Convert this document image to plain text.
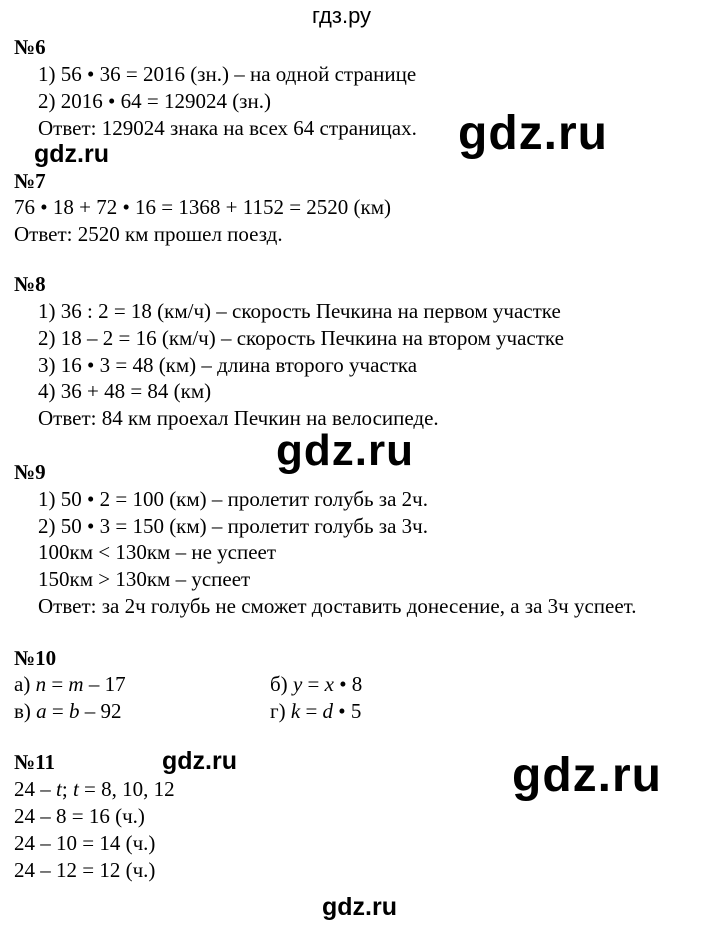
гдз.ру
№6
1) 56 • 36 = 2016 (зн.) – на одной странице
2) 2016 • 64 = 129024 (зн.)
Ответ: 129024 знака на всех 64 страницах.
№7
76 • 18 + 72 • 16 = 1368 + 1152 = 2520 (км)
Ответ: 2520 км прошел поезд.
№8
1) 36 : 2 = 18 (км/ч) – скорость Печкина на первом участке
2) 18 – 2 = 16 (км/ч) – скорость Печкина на втором участке
3) 16 • 3 = 48 (км) – длина второго участка
4) 36 + 48 = 84 (км)
Ответ: 84 км проехал Печкин на велосипеде.
№9
1) 50 • 2 = 100 (км) – пролетит голубь за 2ч.
2) 50 • 3 = 150 (км) – пролетит голубь за 3ч.
100км < 130км – не успеет
150км > 130км – успеет
Ответ: за 2ч голубь не сможет доставить донесение, а за 3ч успеет.
№10
а) n = m – 17	б) y = x • 8
в) a = b – 92	г) k = d • 5
№11
24 – t; t = 8, 10, 12
24 – 8 = 16 (ч.)
24 – 10 = 14 (ч.)
24 – 12 = 12 (ч.)
gdz.ru
gdz.ru
gdz.ru
gdz.ru	gdz.ru
gdz.ru
